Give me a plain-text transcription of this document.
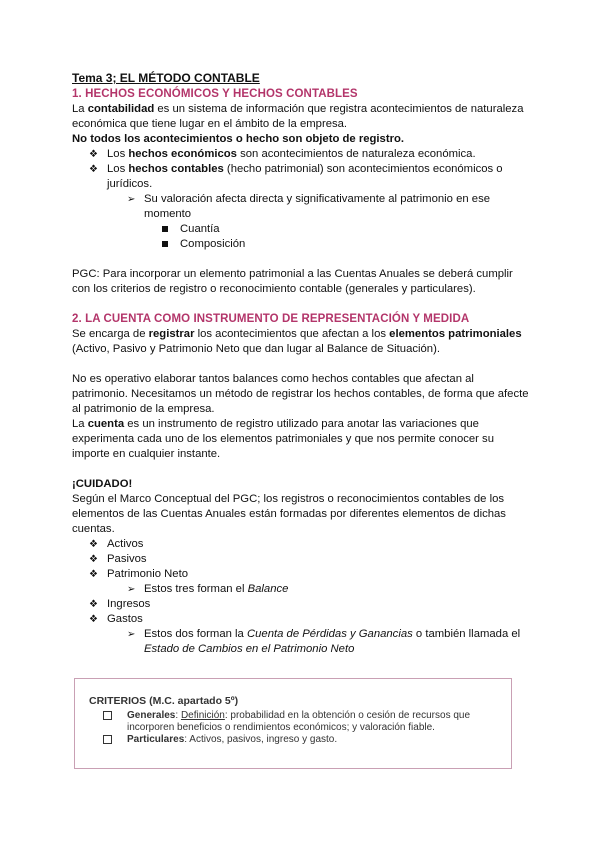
Tema 3; EL MÉTODO CONTABLE

1. HECHOS ECONÓMICOS Y HECHOS CONTABLES

La contabilidad es un sistema de información que registra acontecimientos de naturaleza económica que tiene lugar en el ámbito de la empresa.

No todos los acontecimientos o hecho son objeto de registro.

❖ Los hechos económicos son acontecimientos de naturaleza económica.
❖ Los hechos contables (hecho patrimonial) son acontecimientos económicos o jurídicos.
➢ Su valoración afecta directa y significativamente al patrimonio en ese momento
Cuantía
Composición

PGC: Para incorporar un elemento patrimonial a las Cuentas Anuales se deberá cumplir con los criterios de registro o reconocimiento contable (generales y particulares).

2. LA CUENTA COMO INSTRUMENTO DE REPRESENTACIÓN Y MEDIDA

Se encarga de registrar los acontecimientos que afectan a los elementos patrimoniales (Activo, Pasivo y Patrimonio Neto que dan lugar al Balance de Situación).

No es operativo elaborar tantos balances como hechos contables que afectan al patrimonio. Necesitamos un método de registrar los hechos contables, de forma que afecte al patrimonio de la empresa.

La cuenta es un instrumento de registro utilizado para anotar las variaciones que experimenta cada uno de los elementos patrimoniales y que nos permite conocer su importe en cualquier instante.

¡CUIDADO!

Según el Marco Conceptual del PGC; los registros o reconocimientos contables de los elementos de las Cuentas Anuales están formadas por diferentes elementos de dichas cuentas.

❖ Activos
❖ Pasivos
❖ Patrimonio Neto
➢ Estos tres forman el Balance
❖ Ingresos
❖ Gastos
➢ Estos dos forman la Cuenta de Pérdidas y Ganancias o también llamada el Estado de Cambios en el Patrimonio Neto
CRITERIOS (M.C. apartado 5º)
Generales: Definición: probabilidad en la obtención o cesión de recursos que incorporen beneficios o rendimientos económicos; y valoración fiable.
Particulares: Activos, pasivos, ingreso y gasto.
